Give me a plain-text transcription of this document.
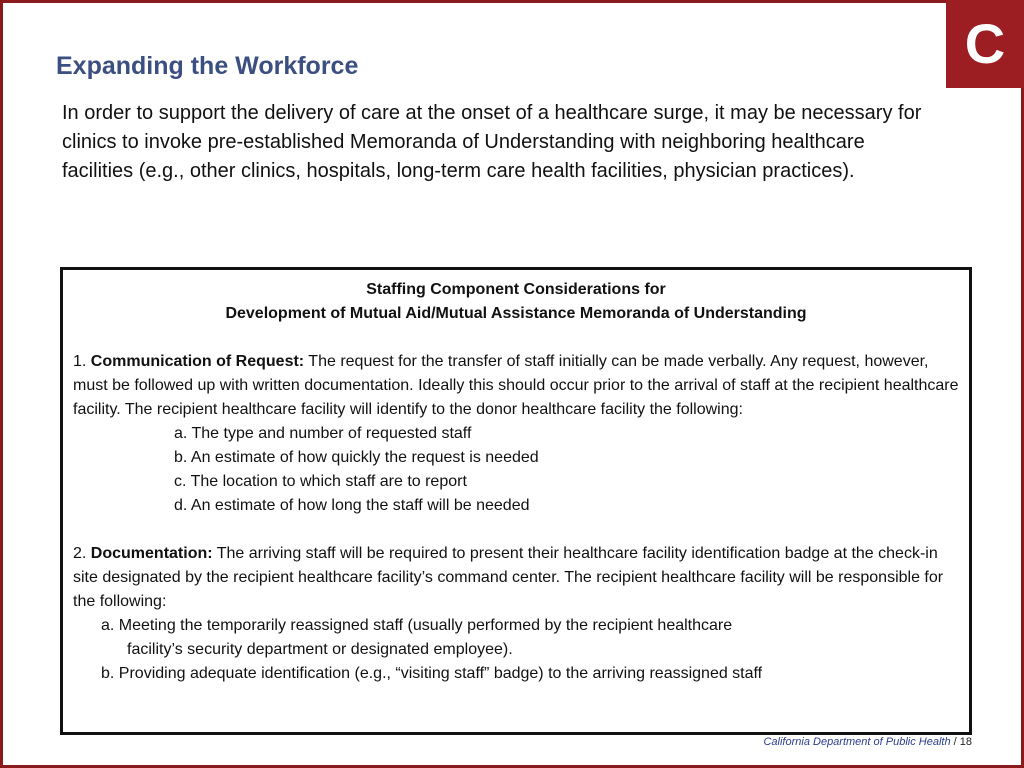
C
Expanding the Workforce
In order to support the delivery of care at the onset of a healthcare surge, it may be necessary for clinics to invoke pre-established Memoranda of Understanding with neighboring healthcare facilities (e.g., other clinics, hospitals, long-term care health facilities, physician practices).
Staffing Component Considerations for
Development of Mutual Aid/Mutual Assistance Memoranda of Understanding
1. Communication of Request: The request for the transfer of staff initially can be made verbally. Any request, however, must be followed up with written documentation. Ideally this should occur prior to the arrival of staff at the recipient healthcare facility. The recipient healthcare facility will identify to the donor healthcare facility the following:
a. The type and number of requested staff
b. An estimate of how quickly the request is needed
c. The location to which staff are to report
d. An estimate of how long the staff will be needed
2. Documentation: The arriving staff will be required to present their healthcare facility identification badge at the check-in site designated by the recipient healthcare facility’s command center. The recipient healthcare facility will be responsible for the following:
a. Meeting the temporarily reassigned staff (usually performed by the recipient healthcare
facility’s security department or designated employee).
b. Providing adequate identification (e.g., “visiting staff” badge) to the arriving reassigned staff
California Department of Public Health / 18
